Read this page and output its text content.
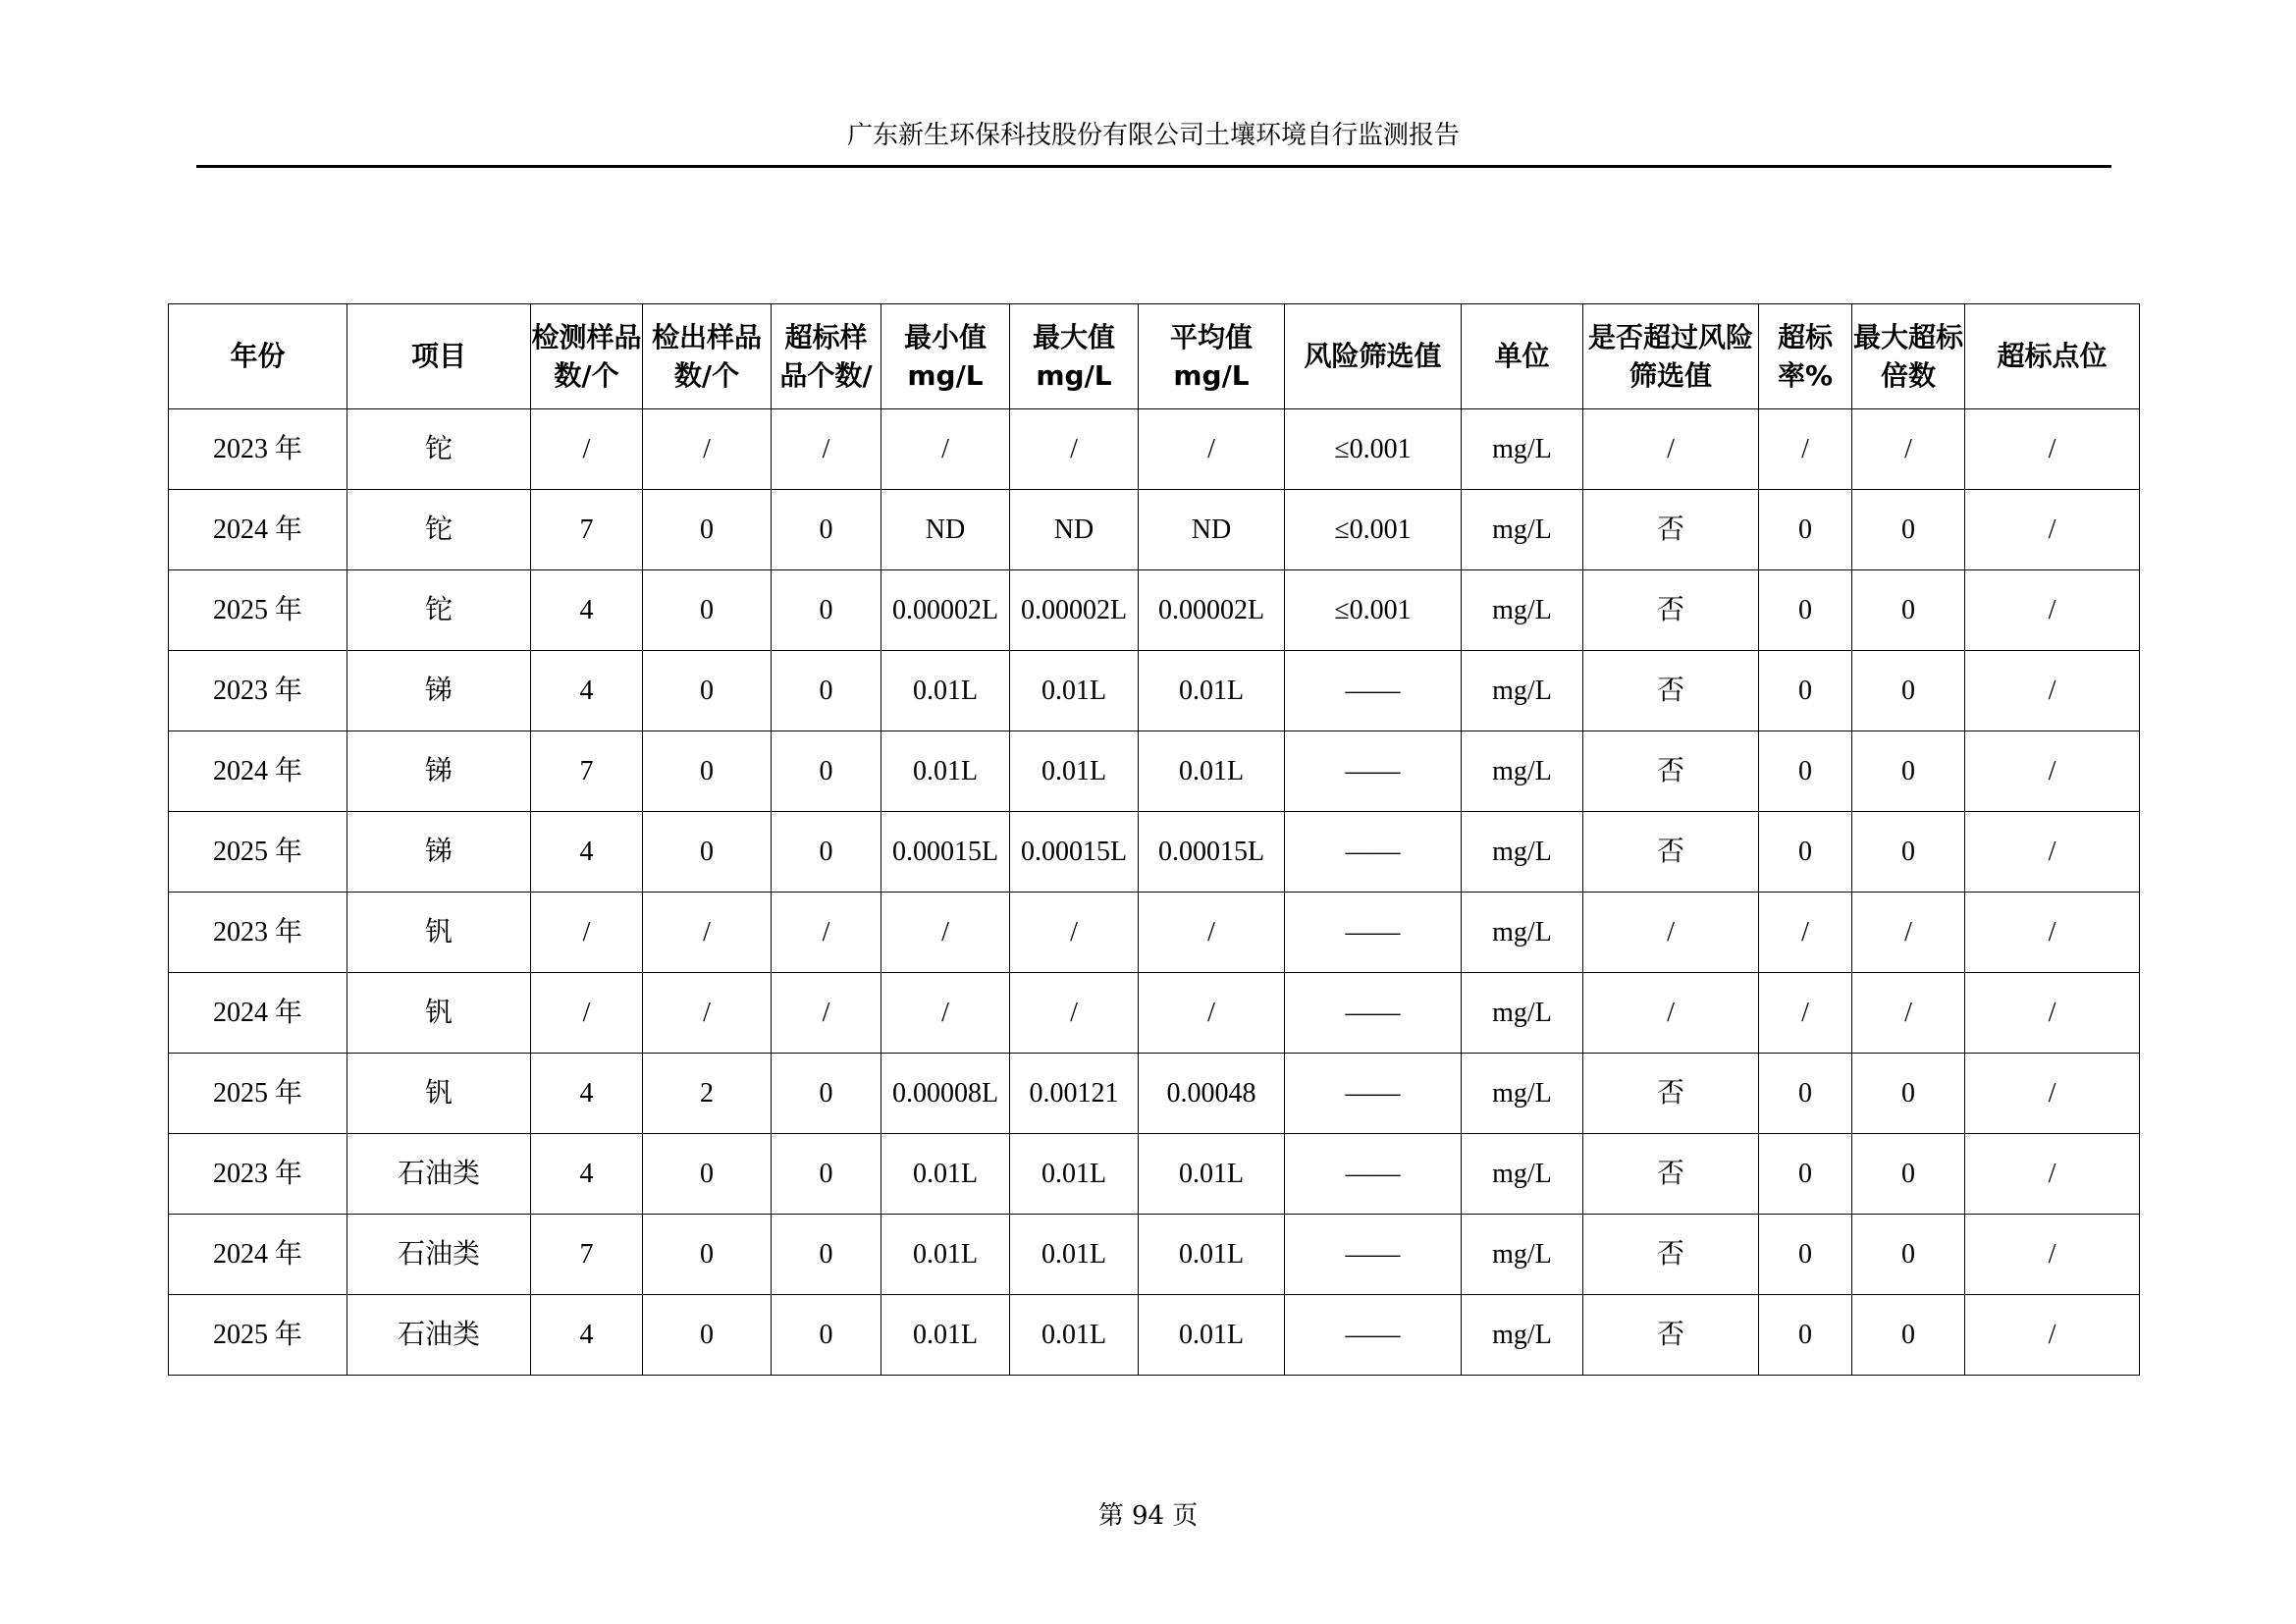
广东新生环保科技股份有限公司土壤环境自行监测报告
年份	项目	检测样品数/个	检出样品数/个	超标样品个数/	最小值 mg/L	最大值 mg/L	平均值 mg/L	风险筛选值	单位	是否超过风险筛选值	超标率%	最大超标倍数	超标点位
2023 年	铊	/	/	/	/	/	/	≤0.001	mg/L	/	/	/	/
2024 年	铊	7	0	0	ND	ND	ND	≤0.001	mg/L	否	0	0	/
2025 年	铊	4	0	0	0.00002L	0.00002L	0.00002L	≤0.001	mg/L	否	0	0	/
2023 年	锑	4	0	0	0.01L	0.01L	0.01L	——	mg/L	否	0	0	/
2024 年	锑	7	0	0	0.01L	0.01L	0.01L	——	mg/L	否	0	0	/
2025 年	锑	4	0	0	0.00015L	0.00015L	0.00015L	——	mg/L	否	0	0	/
2023 年	钒	/	/	/	/	/	/	——	mg/L	/	/	/	/
2024 年	钒	/	/	/	/	/	/	——	mg/L	/	/	/	/
2025 年	钒	4	2	0	0.00008L	0.00121	0.00048	——	mg/L	否	0	0	/
2023 年	石油类	4	0	0	0.01L	0.01L	0.01L	——	mg/L	否	0	0	/
2024 年	石油类	7	0	0	0.01L	0.01L	0.01L	——	mg/L	否	0	0	/
2025 年	石油类	4	0	0	0.01L	0.01L	0.01L	——	mg/L	否	0	0	/
第 94 页
